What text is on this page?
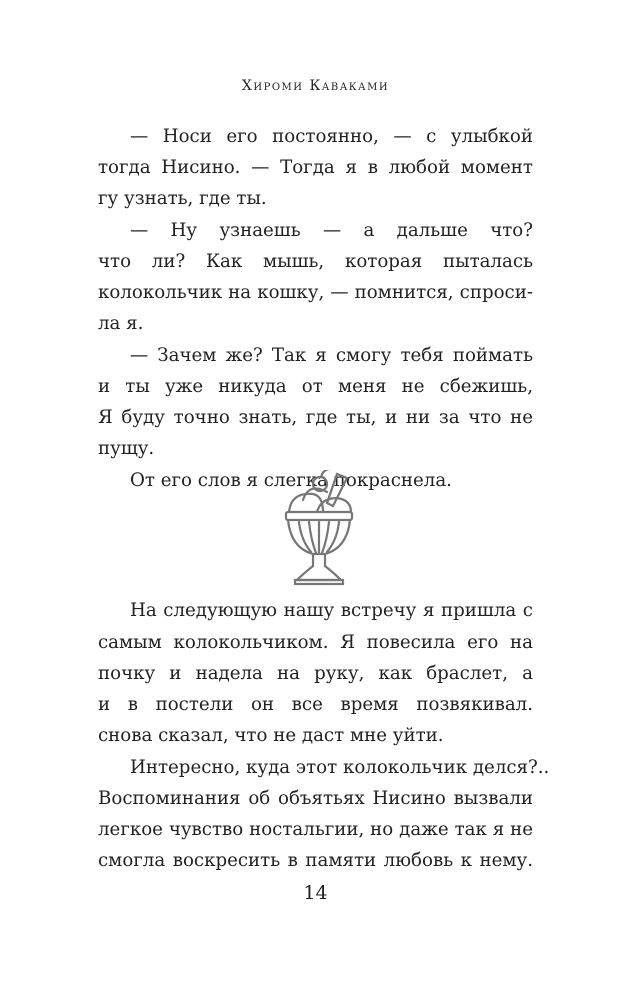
Хироми Каваками
— Носи его постоянно, — с улыбкой
тогда Нисино. — Тогда я в любой момент
гу узнать, где ты.
— Ну узнаешь — а дальше что?
что ли? Как мышь, которая пыталась
колокольчик на кошку, — помнится, спроси-
ла я.
— Зачем же? Так я смогу тебя поймать
и ты уже никуда от меня не сбежишь,
Я буду точно знать, где ты, и ни за что не
пущу.
От его слов я слегка покраснела.
На следующую нашу встречу я пришла с
самым колокольчиком. Я повесила его на
почку и надела на руку, как браслет, а
и в постели он все время позвякивал.
снова сказал, что не даст мне уйти.
Интересно, куда этот колокольчик делся?..
Воспоминания об объятьях Нисино вызвали
легкое чувство ностальгии, но даже так я не
смогла воскресить в памяти любовь к нему.
14
